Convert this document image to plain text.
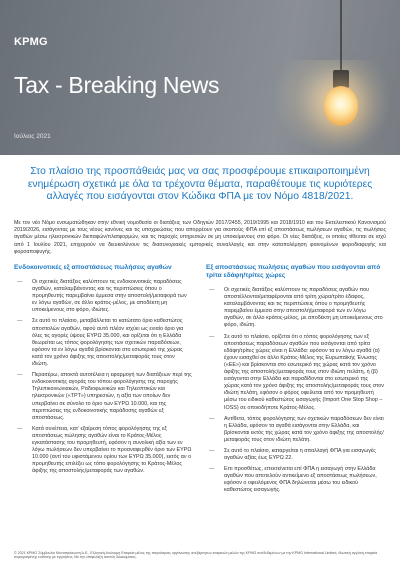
KPMG
Tax - Breaking News
Ιούλιος 2021

Στο πλαίσιο της προσπάθειάς μας να σας προσφέρουμε επικαιροποιημένη ενημέρωση σχετικά με όλα τα τρέχοντα θέματα, παραθέτουμε τις κυριότερες αλλαγές που εισάγονται στον Κώδικα ΦΠΑ με τον Νόμο 4818/2021.

Με τον νέο Νόμο ενσωματώθηκαν στην εθνική νομοθεσία οι διατάξεις των Οδηγιών 2017/2455, 2019/1995 και 2018/1910 και του Εκτελεστικού Κανονισμού 2019/2026, εισάγοντας με τους νέους κανόνες και τις υποχρεώσεις που απορρέουν για σκοπούς ΦΠΑ επί εξ αποστάσεως πωλήσεων αγαθών, τις πωλήσεις αγαθών μέσω ηλεκτρονικών διεπαφών/πλατφορμών, και τις παροχές υπηρεσιών σε μη υποκείμενους στο φόρο. Οι νέες διατάξεις, οι οποίες τίθενται σε ισχύ από 1 Ιουλίου 2021, επιχειρούν να διευκολύνουν τις διασυνοριακές εμπορικές συναλλαγές και στην καταπολέμηση φαινομένων φοροδιαφυγής και φοροαποφυγής.

Ενδοκοινοτικές εξ αποστάσεως πωλήσεις αγαθών
— Οι σχετικές διατάξεις καλύπτουν τις ενδοκοινοτικές παραδόσεις αγαθών, καταλαμβάνοντας και τις περιπτώσεις όπου ο προμηθευτής παρεμβαίνει έμμεσα στην αποστολή/μεταφορά των εν λόγω αγαθών, σε άλλο κράτος-μέλος, με αποδέκτη μη υποκείμενους στο φόρο, ιδιώτες.
— Σε αυτό το πλαίσιο, μεταβάλλεται το κατώτατο όριο καθεστώτος αποστολών αγαθών, αφού αυτό πλέον ισχύει ως ενιαίο όριο για όλες τις αγορές ύψους ΕΥΡΩ 35.000, και ορίζεται ότι η Ελλάδα θεωρείται ως τόπος φορολόγησης των σχετικών παραδόσεων, εφόσον τα εν λόγω αγαθά βρίσκονται στο εσωτερικό της χώρας κατά τον χρόνο άφιξης της αποστολής/μεταφοράς τους στον ιδιώτη.
— Περαιτέρω, αποκτά αυτοτέλεια η εφαρμογή των διατάξεων περί της ενδοκοινοτικής αγοράς του τόπου φορολόγησης της παροχής Τηλεπικοινωνιακών, Ραδιοφωνικών και Τηλεοπτικών και ηλεκτρονικών («ΤΡΤ») υπηρεσιών, η αξία των οποίων δεν υπερβαίνει σε σύνολο το όριο των ΕΥΡΩ 10.000, και της περιπτώσεις της ενδοκοινοτικής παράδοσης αγαθών εξ αποστάσεως.
— Κατά συνέπεια, κατ’ εξαίρεση τόπος φορολόγησης της εξ αποστάσεως πώλησης αγαθών είναι το Κράτος-Μέλος εγκατάστασης του προμηθευτή, εφόσον η συνολική αξία των εν λόγω πωλήσεων δεν υπερβαίνει το προαναφερθέν όριο των ΕΥΡΩ 10.000 (αντί του υφιστάμενου ορίου των ΕΥΡΩ 35.000), εκτός αν ο προμηθευτής επιλέξει ως τόπο φορολόγησης το Κράτος-Μέλος άφιξης της αποστολής/μεταφοράς των αγαθών.
Εξ αποστάσεως πωλήσεις αγαθών που εισάγονται από τρίτα εδάφη/τρίτες χώρες
— Οι σχετικές διατάξεις καλύπτουν τις παραδόσεις αγαθών που αποστέλλονται/μεταφέρονται από τρίτη χώρα/τρίτο έδαφος, καταλαμβάνοντας και τις περιπτώσεις όπου ο προμηθευτής παρεμβαίνει έμμεσα στην αποστολή/μεταφορά των εν λόγω αγαθών, σε άλλο κράτος-μέλος, με αποδέκτη μη υποκείμενους στο φόρο, ιδιώτη.
— Σε αυτό το πλαίσιο, ορίζεται ότι ο τόπος φορολόγησης των εξ αποστάσεως παραδόσεων αγαθών που εισάγονται από τρίτα εδάφη/τρίτες χώρες είναι η Ελλάδα: εφόσον τα εν λόγω αγαθά (α) έχουν εισαχθεί σε άλλο Κράτος-Μέλος της Ευρωπαϊκής Ένωσης («ΕΕ») και βρίσκονται στο εσωτερικό της χώρας κατά τον χρόνο άφιξης της αποστολής/μεταφοράς τους στον ιδιώτη πελάτη, ή (β) εισάγονται στην Ελλάδα και παραδίδονται στο εσωτερικό της χώρας κατά τον χρόνο άφιξης της αποστολής/μεταφοράς τους στον ιδιώτη πελάτη, εφόσον ο φόρος οφείλεται από τον προμηθευτή μέσω του ειδικού καθεστώτος εισαγωγής (Import One Stop Shop – IOSS) σε οποιοδήποτε Κράτος-Μέλος.
— Αντίθετα, τόπος φορολόγησης των σχετικών παραδόσεων δεν είναι η Ελλάδα, εφόσον τα αγαθά εισάγονται στην Ελλάδα, και βρίσκονται εκτός της χώρας κατά τον χρόνο άφιξης της αποστολής/μεταφοράς τους στον ιδιώτη πελάτη.
— Σε αυτό το πλαίσιο, καταργείται η απαλλαγή ΦΠΑ για εισαγωγές αγαθών αξίας έως ΕΥΡΩ 22.
— Επι προσθέτως, επεκτείνεται επί ΦΠΑ η εισαγωγή στην Ελλάδα αγαθών που αποτελούν αντικείμενο εξ αποστάσεως πωλήσεων, εφόσον ο οφειλόμενος ΦΠΑ δηλώνεται μέσω του ειδικού καθεστώτος εισαγωγής.

© 2021 KPMG Σύμβουλοι Μονοπρόσωπη Α.Ε., Ελληνική Ανώνυμη Εταιρεία μέλος της παγκόσμιας οργάνωσης ανεξάρτητων εταιρειών μελών της KPMG συνδεδεμένων με την KPMG International Limited, ιδιωτική αγγλική εταιρεία περιορισμένης ευθύνης με εγγυήσεις. Με την επιφύλαξη παντός δικαιώματος.
